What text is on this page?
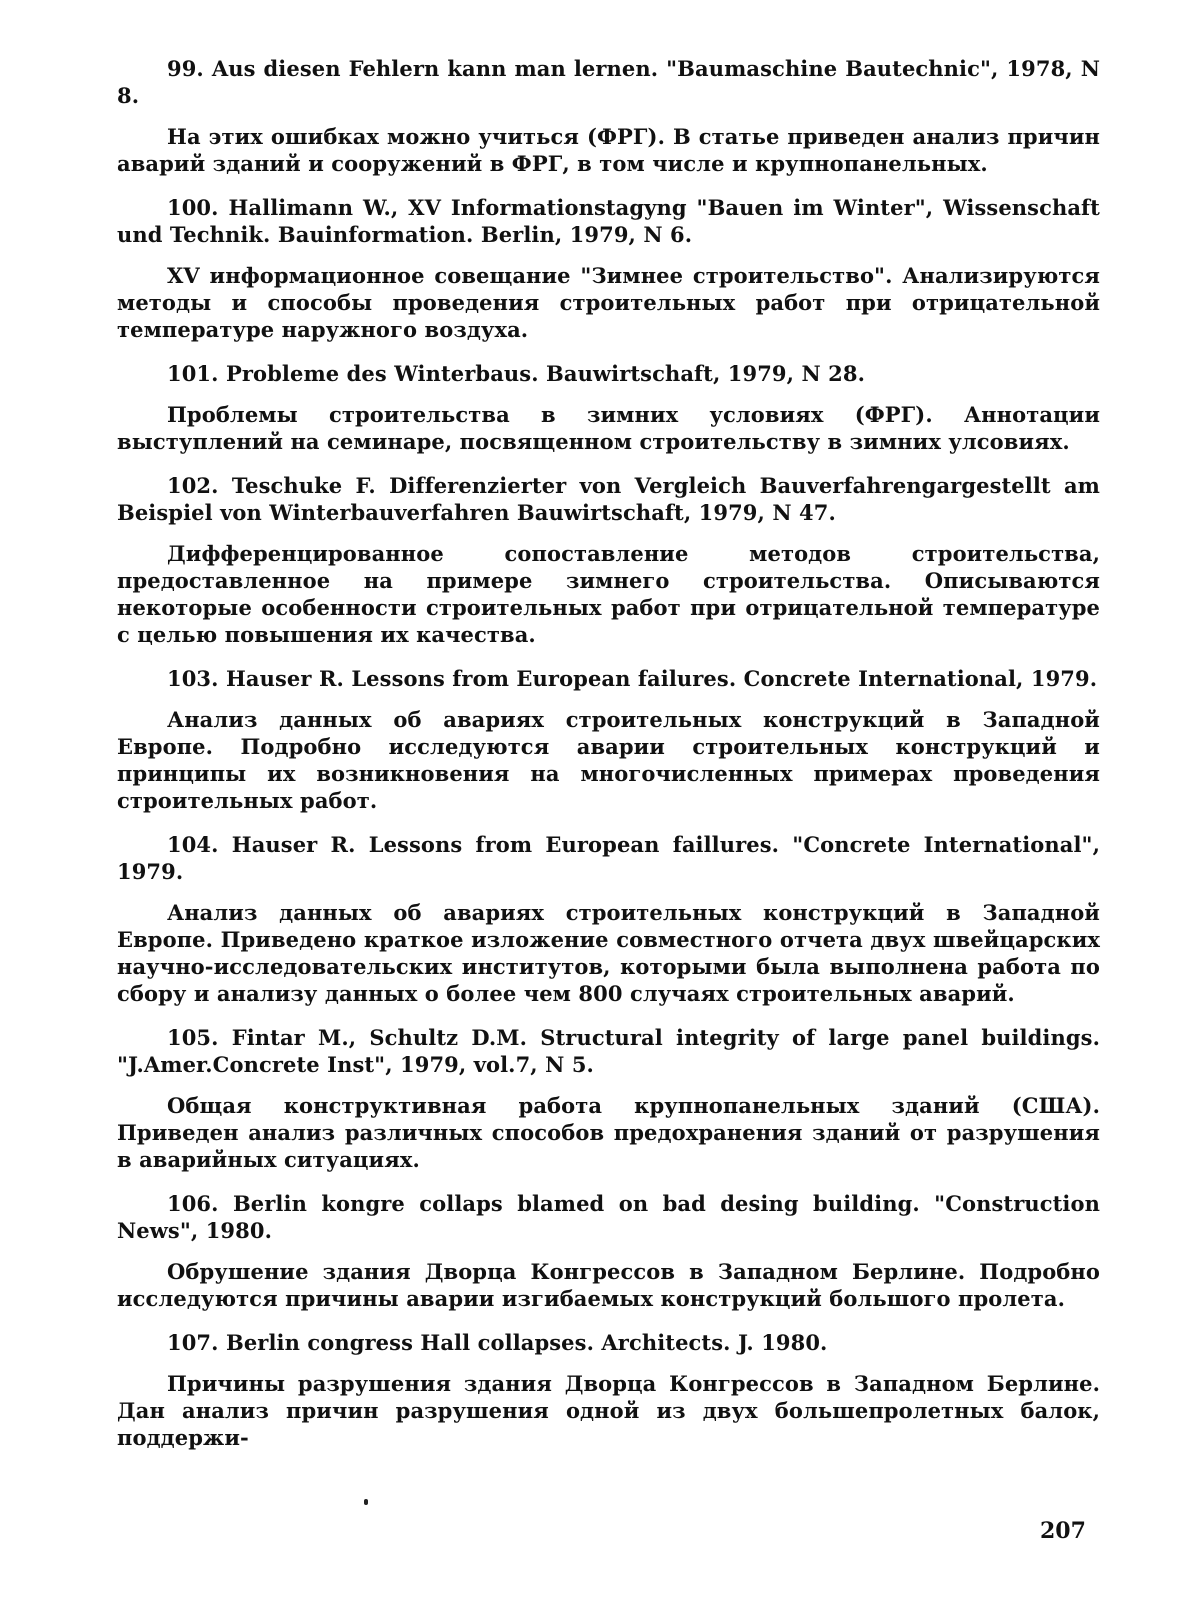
99. Aus diesen Fehlern kann man lernen. "Baumaschine Bautechnic", 1978, N 8.

На этих ошибках можно учиться (ФРГ). В статье приведен анализ причин аварий зданий и сооружений в ФРГ, в том числе и крупнопанельных.

100. Hallimann W., XV Informationstagyng "Bauen im Winter", Wissenschaft und Technik. Bauinformation. Berlin, 1979, N 6.

XV информационное совещание "Зимнее строительство". Анализируются методы и способы проведения строительных работ при отрицательной температуре наружного воздуха.

101. Probleme des Winterbaus. Bauwirtschaft, 1979, N 28.

Проблемы строительства в зимних условиях (ФРГ). Аннотации выступлений на семинаре, посвященном строительству в зимних улсовиях.

102. Teschuke F. Differenzierter von Vergleich Bauverfahrengargestellt am Beispiel von Winterbauverfahren Bauwirtschaft, 1979, N 47.

Дифференцированное сопоставление методов строительства, предоставленное на примере зимнего строительства. Описываются некоторые особенности строительных работ при отрицательной температуре с целью повышения их качества.

103. Hauser R. Lessons from European failures. Concrete International, 1979.

Анализ данных об авариях строительных конструкций в Западной Европе. Подробно исследуются аварии строительных конструкций и принципы их возникновения на многочисленных примерах проведения строительных работ.

104. Hauser R. Lessons from European faillures. "Concrete International", 1979.

Анализ данных об авариях строительных конструкций в Западной Европе. Приведено краткое изложение совместного отчета двух швейцарских научно-исследовательских институтов, которыми была выполнена работа по сбору и анализу данных о более чем 800 случаях строительных аварий.

105. Fintar M., Schultz D.M. Structural integrity of large panel buildings. "J.Amer.Concrete Inst", 1979, vol.7, N 5.

Общая конструктивная работа крупнопанельных зданий (США). Приведен анализ различных способов предохранения зданий от разрушения в аварийных ситуациях.

106. Berlin kongre collaps blamed on bad desing building. "Construction News", 1980.

Обрушение здания Дворца Конгрессов в Западном Берлине. Подробно исследуются причины аварии изгибаемых конструкций большого пролета.

107. Berlin congress Hall collapses. Architects. J. 1980.

Причины разрушения здания Дворца Конгрессов в Западном Берлине. Дан анализ причин разрушения одной из двух большепролетных балок, поддержи-

207
